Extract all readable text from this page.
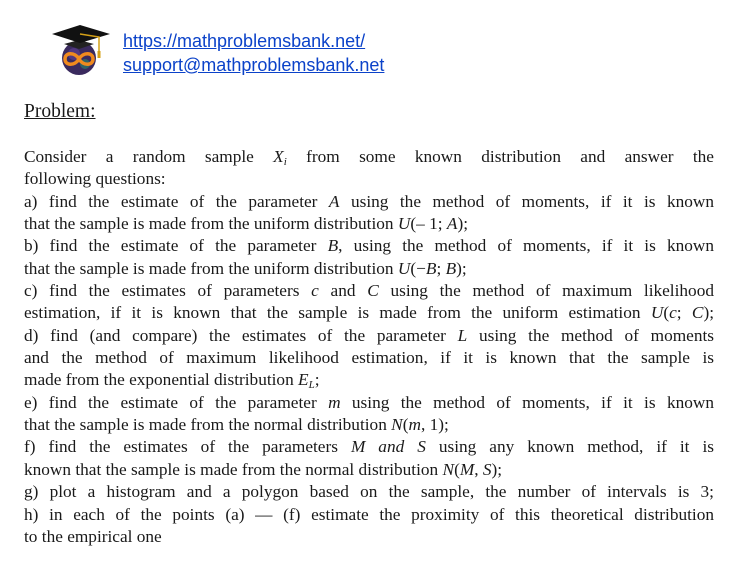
https://mathproblemsbank.net/
support@mathproblemsbank.net
Problem:

Consider a random sample $X_i$ from some known distribution and answer the

following questions:

a) find the estimate of the parameter A using the method of moments, if it is known

that the sample is made from the uniform distribution U(– 1; A);

b) find the estimate of the parameter B, using the method of moments, if it is known

that the sample is made from the uniform distribution U(−B; B);

c) find the estimates of parameters c and C using the method of maximum likelihood

estimation, if it is known that the sample is made from the uniform estimation U(c; C);

d) find (and compare) the estimates of the parameter L using the method of moments

and the method of maximum likelihood estimation, if it is known that the sample is

made from the exponential distribution $E_L$;

e) find the estimate of the parameter m using the method of moments, if it is known

that the sample is made from the normal distribution N(m, 1);

f) find the estimates of the parameters M and S using any known method, if it is

known that the sample is made from the normal distribution N(M, S);

g) plot a histogram and a polygon based on the sample, the number of intervals is 3;

h) in each of the points (a) — (f) estimate the proximity of this theoretical distribution

to the empirical one
